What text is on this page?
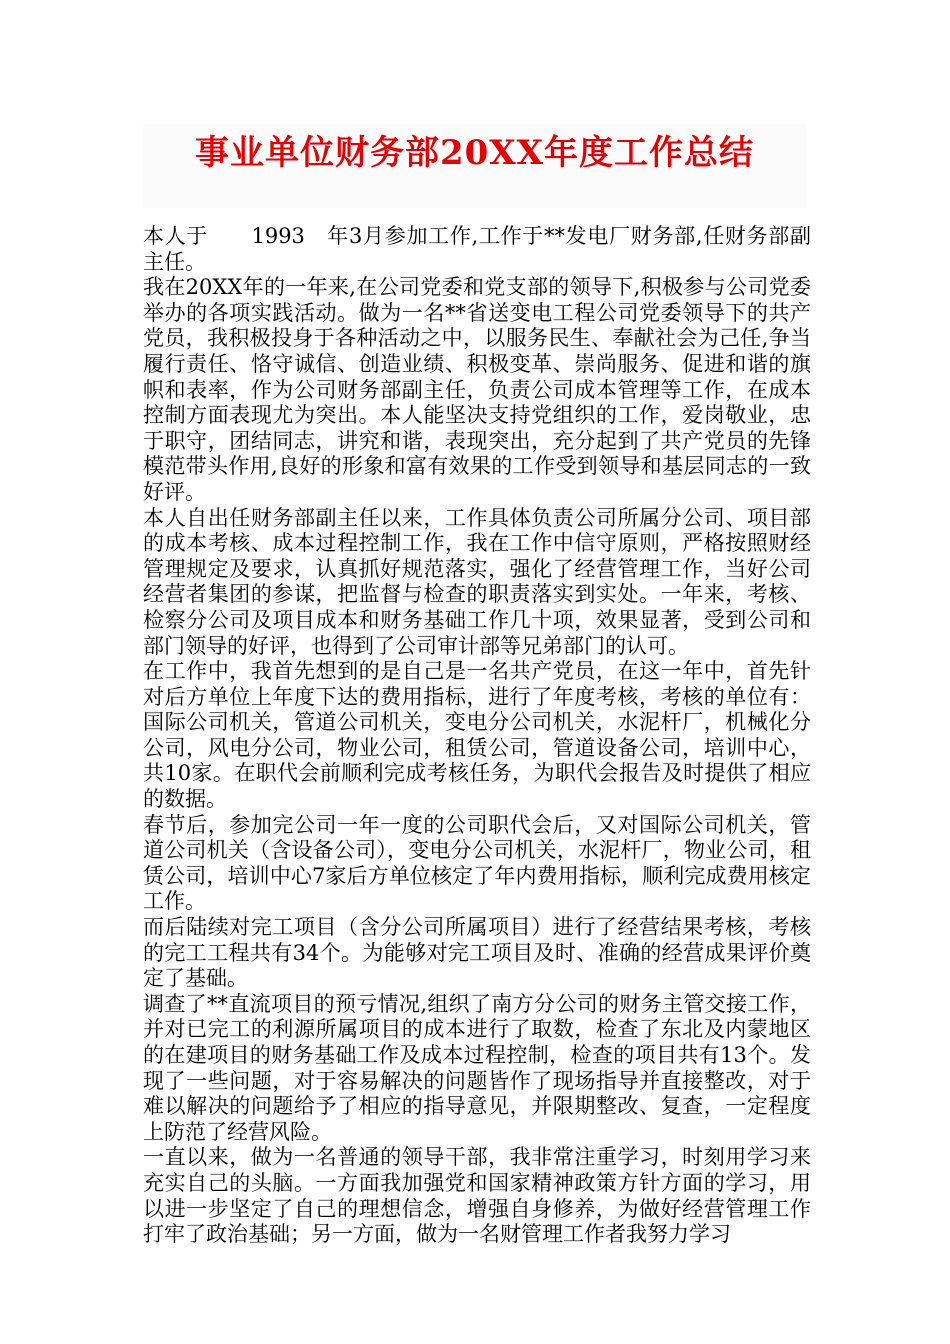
事业单位财务部20XX年度工作总结

本人于　　1993　年3月参加工作,工作于**发电厂财务部,任财务部副主任。

我在20XX年的一年来,在公司党委和党支部的领导下,积极参与公司党委举办的各项实践活动。做为一名**省送变电工程公司党委领导下的共产党员，我积极投身于各种活动之中，以服务民生、奉献社会为己任,争当履行责任、恪守诚信、创造业绩、积极变革、崇尚服务、促进和谐的旗帜和表率，作为公司财务部副主任，负责公司成本管理等工作，在成本控制方面表现尤为突出。本人能坚决支持党组织的工作，爱岗敬业，忠于职守，团结同志，讲究和谐，表现突出，充分起到了共产党员的先锋模范带头作用,良好的形象和富有效果的工作受到领导和基层同志的一致好评。

本人自出任财务部副主任以来，工作具体负责公司所属分公司、项目部的成本考核、成本过程控制工作，我在工作中信守原则，严格按照财经管理规定及要求，认真抓好规范落实，强化了经营管理工作，当好公司经营者集团的参谋，把监督与检查的职责落实到实处。一年来，考核、检察分公司及项目成本和财务基础工作几十项，效果显著，受到公司和部门领导的好评，也得到了公司审计部等兄弟部门的认可。

在工作中，我首先想到的是自己是一名共产党员，在这一年中，首先针对后方单位上年度下达的费用指标，进行了年度考核，考核的单位有：国际公司机关，管道公司机关，变电分公司机关，水泥杆厂，机械化分公司，风电分公司，物业公司，租赁公司，管道设备公司，培训中心，共10家。在职代会前顺利完成考核任务，为职代会报告及时提供了相应的数据。

春节后，参加完公司一年一度的公司职代会后，又对国际公司机关，管道公司机关（含设备公司），变电分公司机关，水泥杆厂，物业公司，租赁公司，培训中心7家后方单位核定了年内费用指标，顺利完成费用核定工作。

而后陆续对完工项目（含分公司所属项目）进行了经营结果考核，考核的完工工程共有34个。为能够对完工项目及时、准确的经营成果评价奠定了基础。

调查了**直流项目的预亏情况,组织了南方分公司的财务主管交接工作，并对已完工的利源所属项目的成本进行了取数，检查了东北及内蒙地区的在建项目的财务基础工作及成本过程控制，检查的项目共有13个。发现了一些问题，对于容易解决的问题皆作了现场指导并直接整改，对于难以解决的问题给予了相应的指导意见，并限期整改、复查，一定程度上防范了经营风险。

一直以来，做为一名普通的领导干部，我非常注重学习，时刻用学习来充实自己的头脑。一方面我加强党和国家精神政策方针方面的学习，用以进一步坚定了自己的理想信念，增强自身修养，为做好经营管理工作打牢了政治基础；另一方面，做为一名财管理工作者我努力学习
